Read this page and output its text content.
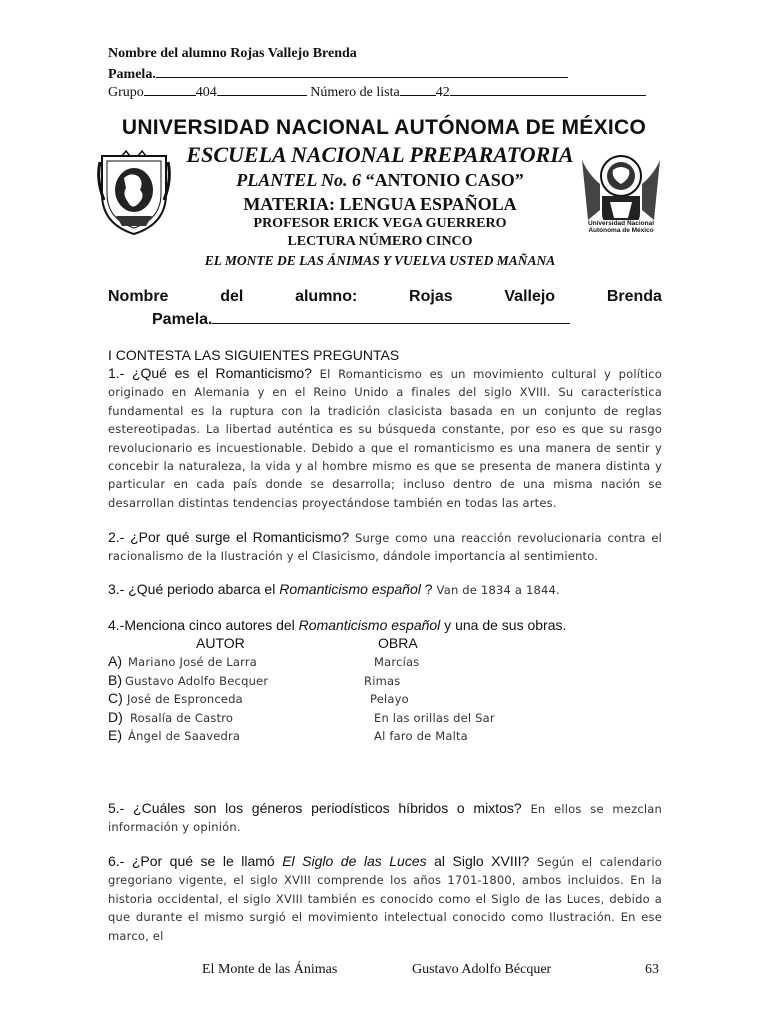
Nombre del alumno Rojas Vallejo Brenda
Pamela.
Grupo	404	Número de lista	42
Universidad Nacional Autónoma de México
UNIVERSIDAD NACIONAL AUTÓNOMA DE MÉXICO
ESCUELA NACIONAL PREPARATORIA
PLANTEL No. 6 “ANTONIO CASO”
MATERIA: LENGUA ESPAÑOLA
PROFESOR ERICK VEGA GUERRERO
LECTURA NÚMERO CINCO
EL MONTE DE LAS ÁNIMAS Y VUELVA USTED MAÑANA
Nombre	del	alumno:	Rojas	Vallejo	Brenda
Pamela.
I CONTESTA LAS SIGUIENTES PREGUNTAS
1.- ¿Qué es el Romanticismo? El Romanticismo es un movimiento cultural y político originado en Alemania y en el Reino Unido a finales del siglo XVIII. Su característica fundamental es la ruptura con la tradición clasicista basada en un conjunto de reglas estereotipadas. La libertad auténtica es su búsqueda constante, por eso es que su rasgo revolucionario es incuestionable. Debido a que el romanticismo es una manera de sentir y concebir la naturaleza, la vida y al hombre mismo es que se presenta de manera distinta y particular en cada país donde se desarrolla; incluso dentro de una misma nación se desarrollan distintas tendencias proyectándose también en todas las artes.
2.- ¿Por qué surge el Romanticismo? Surge como una reacción revolucionaria contra el racionalismo de la Ilustración y el Clasicismo, dándole importancia al sentimiento.
3.- ¿Qué periodo abarca el Romanticismo español ? Van de 1834 a 1844.
4.-Menciona cinco autores del Romanticismo español y una de sus obras.
AUTOR	OBRA
A) Mariano José de Larra	Marcías
B) Gustavo Adolfo Becquer	Rimas
C) José de Espronceda	Pelayo
D) Rosalía de Castro	En las orillas del Sar
E) Ángel de Saavedra	Al faro de Malta
5.- ¿Cuáles son los géneros periodísticos híbridos o mixtos? En ellos se mezclan información y opinión.
6.- ¿Por qué se le llamó El Siglo de las Luces al Siglo XVIII? Según el calendario gregoriano vigente, el siglo XVIII comprende los años 1701-1800, ambos incluidos. En la historia occidental, el siglo XVIII también es conocido como el Siglo de las Luces, debido a que durante el mismo surgió el movimiento intelectual conocido como Ilustración. En ese marco, el
El Monte de las Ánimas	Gustavo Adolfo Bécquer	63
